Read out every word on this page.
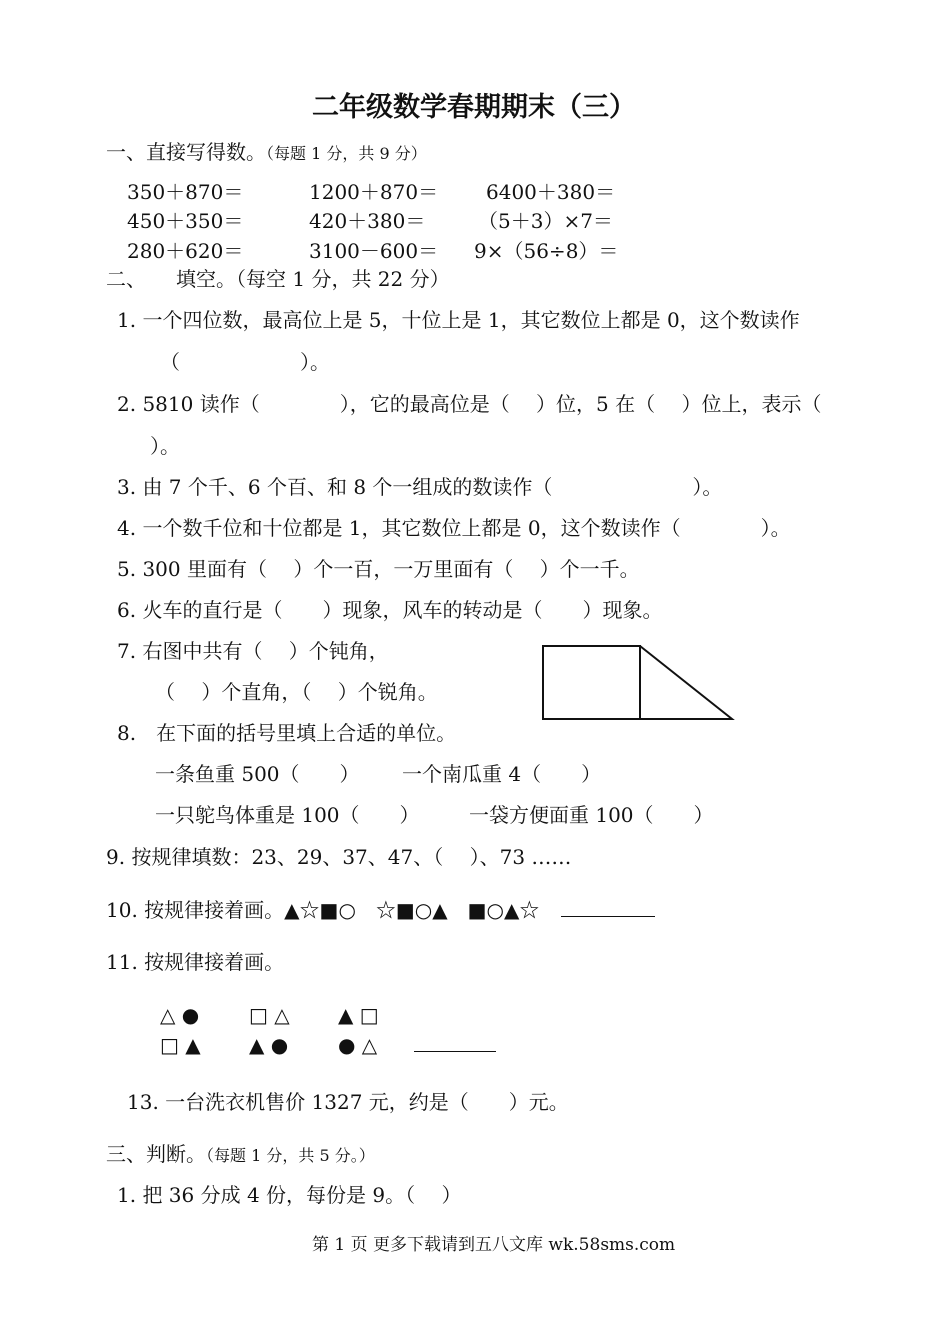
二年级数学春期期末（三）
一、直接写得数。（每题 1 分，共 9 分）
350＋870＝	1200＋870＝ 6400＋380＝
450＋350＝	420＋380＝	（5＋3）×7＝
280＋620＝	3100－600＝ 9×（56÷8）＝
二、　　填空。（每空 1 分，共 22 分）
1. 一个四位数，最高位上是 5，十位上是 1，其它数位上都是 0，这个数读作
（　　　　　　）。
2. 5810 读作（　　　　），它的最高位是（　 ）位，5 在（　 ）位上，表示（
）。
3. 由 7 个千、6 个百、和 8 个一组成的数读作（　　　　　　　）。
4. 一个数千位和十位都是 1，其它数位上都是 0，这个数读作（　　　　）。
5. 300 里面有（　 ）个一百，一万里面有（　 ）个一千。
6. 火车的直行是（　　）现象，风车的转动是（　　）现象。
7. 右图中共有（　 ）个钝角，
（　 ）个直角，（　 ）个锐角。
8.　在下面的括号里填上合适的单位。
一条鱼重 500（　　） 一个南瓜重 4（　　）
一只鸵鸟体重是 100（　　） 一袋方便面重 100（　　）
9. 按规律填数：23、29、37、47、（　 ）、73 ……
10. 按规律接着画。▲☆■○　☆■○▲　■○▲☆
11. 按规律接着画。
△ ● □ △ ▲ □
□ ▲ ▲ ● ● △
13. 一台洗衣机售价 1327 元，约是（　　）元。
三、判断。（每题 1 分，共 5 分。）
1. 把 36 分成 4 份，每份是 9。（　 ）
第 1 页 更多下载请到五八文库 wk.58sms.com
